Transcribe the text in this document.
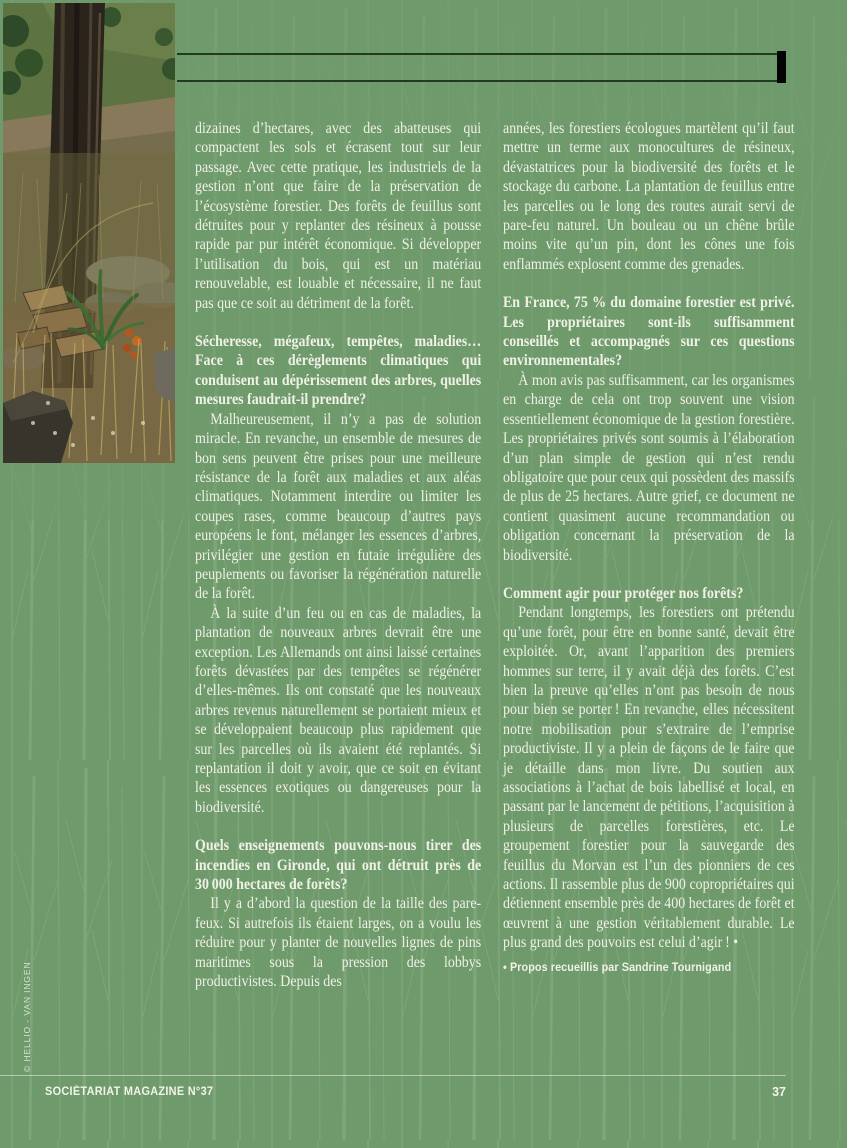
© HELLIO - VAN INGEN

dizaines d’hectares, avec des abatteuses qui compactent les sols et écrasent tout sur leur passage. Avec cette pratique, les industriels de la gestion n’ont que faire de la préservation de l’écosystème forestier. Des forêts de feuillus sont détruites pour y replanter des résineux à pousse rapide par pur intérêt économique. Si développer l’utilisation du bois, qui est un matériau renouvelable, est louable et nécessaire, il ne faut pas que ce soit au détriment de la forêt.

Sécheresse, mégafeux, tempêtes, maladies… Face à ces dérèglements climatiques qui conduisent au dépérissement des arbres, quelles mesures faudrait-il prendre?

Malheureusement, il n’y a pas de solution miracle. En revanche, un ensemble de mesures de bon sens peuvent être prises pour une meilleure résistance de la forêt aux maladies et aux aléas climatiques. Notamment interdire ou limiter les coupes rases, comme beaucoup d’autres pays européens le font, mélanger les essences d’arbres, privilégier une gestion en futaie irrégulière des peuplements ou favoriser la régénération naturelle de la forêt.

À la suite d’un feu ou en cas de maladies, la plantation de nouveaux arbres devrait être une exception. Les Allemands ont ainsi laissé certaines forêts dévastées par des tempêtes se régénérer d’elles-mêmes. Ils ont constaté que les nouveaux arbres revenus naturellement se portaient mieux et se développaient beaucoup plus rapidement que sur les parcelles où ils avaient été replantés. Si replantation il doit y avoir, que ce soit en évitant les essences exotiques ou dangereuses pour la biodiversité.

Quels enseignements pouvons-nous tirer des incendies en Gironde, qui ont détruit près de 30 000 hectares de forêts?

Il y a d’abord la question de la taille des pare-feux. Si autrefois ils étaient larges, on a voulu les réduire pour y planter de nouvelles lignes de pins maritimes sous la pression des lobbys productivistes. Depuis des

années, les forestiers écologues martèlent qu’il faut mettre un terme aux monocultures de résineux, dévastatrices pour la biodiversité des forêts et le stockage du carbone. La plantation de feuillus entre les parcelles ou le long des routes aurait servi de pare-feu naturel. Un bouleau ou un chêne brûle moins vite qu’un pin, dont les cônes une fois enflammés explosent comme des grenades.

En France, 75 % du domaine forestier est privé. Les propriétaires sont-ils suffisamment conseillés et accompagnés sur ces questions environnementales?

À mon avis pas suffisamment, car les organismes en charge de cela ont trop souvent une vision essentiellement économique de la gestion forestière. Les propriétaires privés sont soumis à l’élaboration d’un plan simple de gestion qui n’est rendu obligatoire que pour ceux qui possèdent des massifs de plus de 25 hectares. Autre grief, ce document ne contient quasiment aucune recommandation ou obligation concernant la préservation de la biodiversité.

Comment agir pour protéger nos forêts?

Pendant longtemps, les forestiers ont prétendu qu’une forêt, pour être en bonne santé, devait être exploitée. Or, avant l’apparition des premiers hommes sur terre, il y avait déjà des forêts. C’est bien la preuve qu’elles n’ont pas besoin de nous pour bien se porter ! En revanche, elles nécessitent notre mobilisation pour s’extraire de l’emprise productiviste. Il y a plein de façons de le faire que je détaille dans mon livre. Du soutien aux associations à l’achat de bois labellisé et local, en passant par le lancement de pétitions, l’acquisition à plusieurs de parcelles forestières, etc. Le groupement forestier pour la sauvegarde des feuillus du Morvan est l’un des pionniers de ces actions. Il rassemble plus de 900 copropriétaires qui détiennent ensemble près de 400 hectares de forêt et œuvrent à une gestion véritablement durable. Le plus grand des pouvoirs est celui d’agir ! •

• Propos recueillis par Sandrine Tournigand

SOCIÉTARIAT MAGAZINE N°37	37
